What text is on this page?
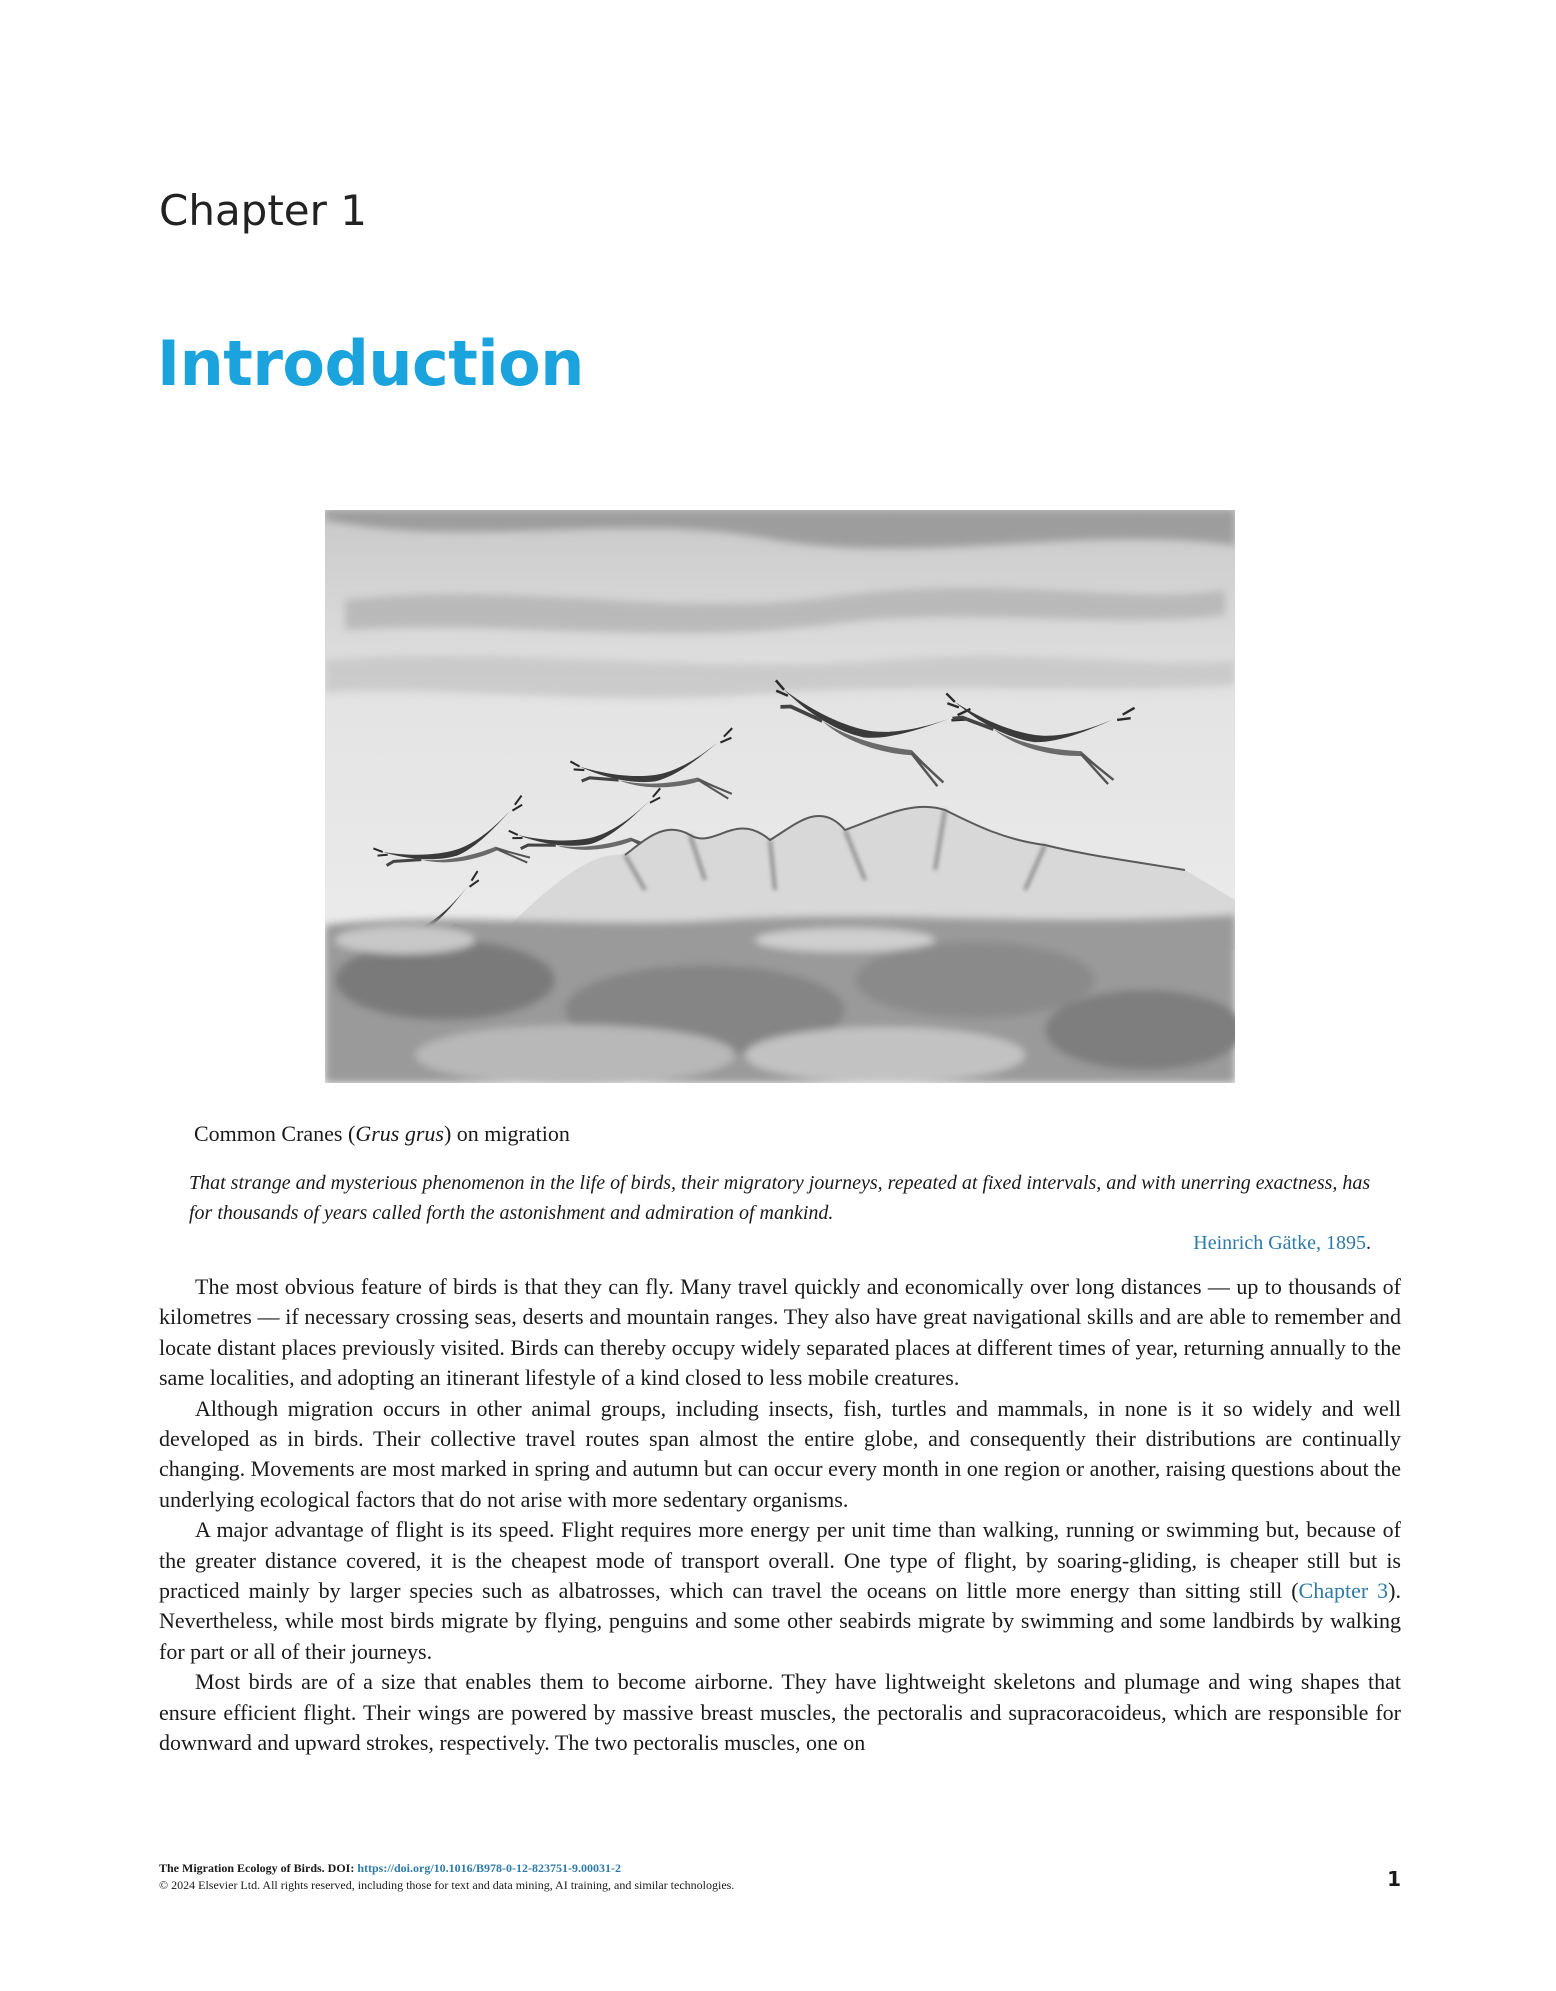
Chapter 1
Introduction
Common Cranes (Grus grus) on migration

That strange and mysterious phenomenon in the life of birds, their migratory journeys, repeated at fixed intervals, and with unerring exactness, has for thousands of years called forth the astonishment and admiration of mankind.

Heinrich Gätke, 1895.

The most obvious feature of birds is that they can fly. Many travel quickly and economically over long distances — up to thousands of kilometres — if necessary crossing seas, deserts and mountain ranges. They also have great navigational skills and are able to remember and locate distant places previously visited. Birds can thereby occupy widely separated places at different times of year, returning annually to the same localities, and adopting an itinerant lifestyle of a kind closed to less mobile creatures.

Although migration occurs in other animal groups, including insects, fish, turtles and mammals, in none is it so widely and well developed as in birds. Their collective travel routes span almost the entire globe, and consequently their distributions are continually changing. Movements are most marked in spring and autumn but can occur every month in one region or another, raising questions about the underlying ecological factors that do not arise with more sedentary organisms.

A major advantage of flight is its speed. Flight requires more energy per unit time than walking, running or swimming but, because of the greater distance covered, it is the cheapest mode of transport overall. One type of flight, by soaring-gliding, is cheaper still but is practiced mainly by larger species such as albatrosses, which can travel the oceans on little more energy than sitting still (Chapter 3). Nevertheless, while most birds migrate by flying, penguins and some other seabirds migrate by swimming and some landbirds by walking for part or all of their journeys.

Most birds are of a size that enables them to become airborne. They have lightweight skeletons and plumage and wing shapes that ensure efficient flight. Their wings are powered by massive breast muscles, the pectoralis and supracoracoideus, which are responsible for downward and upward strokes, respectively. The two pectoralis muscles, one on

The Migration Ecology of Birds. DOI: https://doi.org/10.1016/B978-0-12-823751-9.00031-2
© 2024 Elsevier Ltd. All rights reserved, including those for text and data mining, AI training, and similar technologies.	1
